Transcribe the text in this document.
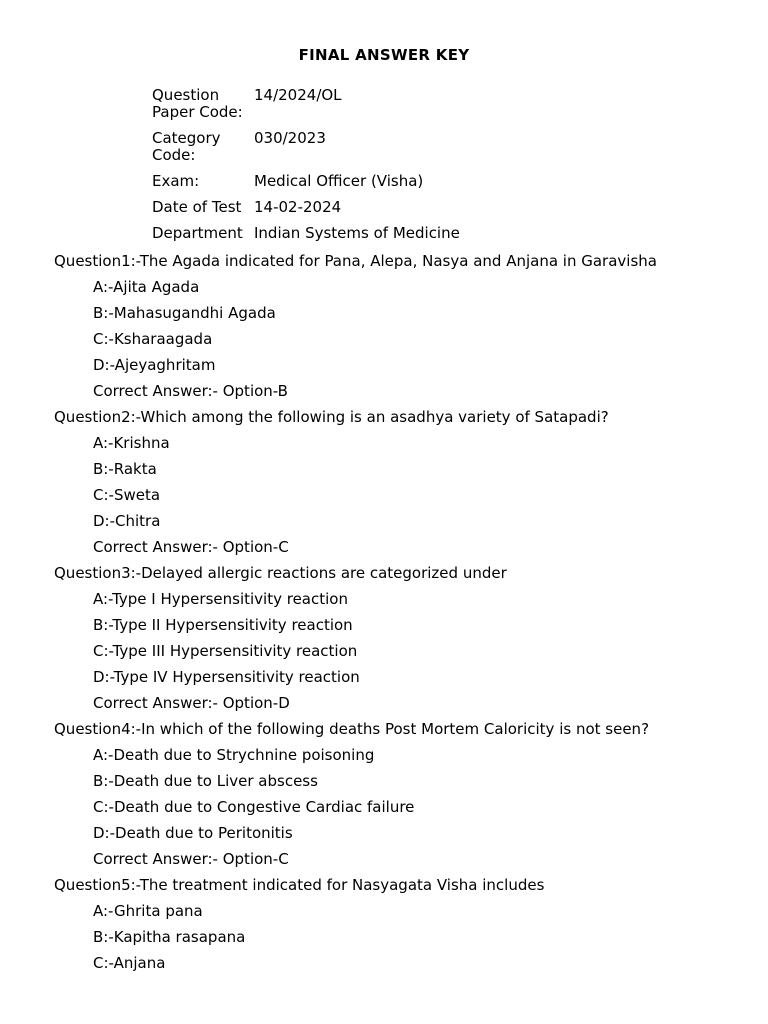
FINAL ANSWER KEY
Question Paper Code:	14/2024/OL

Category Code:	030/2023

Exam:	Medical Officer (Visha)

Date of Test	14-02-2024

Department	Indian Systems of Medicine
Question1:-The Agada indicated for Pana, Alepa, Nasya and Anjana in Garavisha
A:-Ajita Agada
B:-Mahasugandhi Agada
C:-Ksharaagada
D:-Ajeyaghritam
Correct Answer:- Option-B
Question2:-Which among the following is an asadhya variety of Satapadi?
A:-Krishna
B:-Rakta
C:-Sweta
D:-Chitra
Correct Answer:- Option-C
Question3:-Delayed allergic reactions are categorized under
A:-Type I Hypersensitivity reaction
B:-Type II Hypersensitivity reaction
C:-Type III Hypersensitivity reaction
D:-Type IV Hypersensitivity reaction
Correct Answer:- Option-D
Question4:-In which of the following deaths Post Mortem Caloricity is not seen?
A:-Death due to Strychnine poisoning
B:-Death due to Liver abscess
C:-Death due to Congestive Cardiac failure
D:-Death due to Peritonitis
Correct Answer:- Option-C
Question5:-The treatment indicated for Nasyagata Visha includes
A:-Ghrita pana
B:-Kapitha rasapana
C:-Anjana
